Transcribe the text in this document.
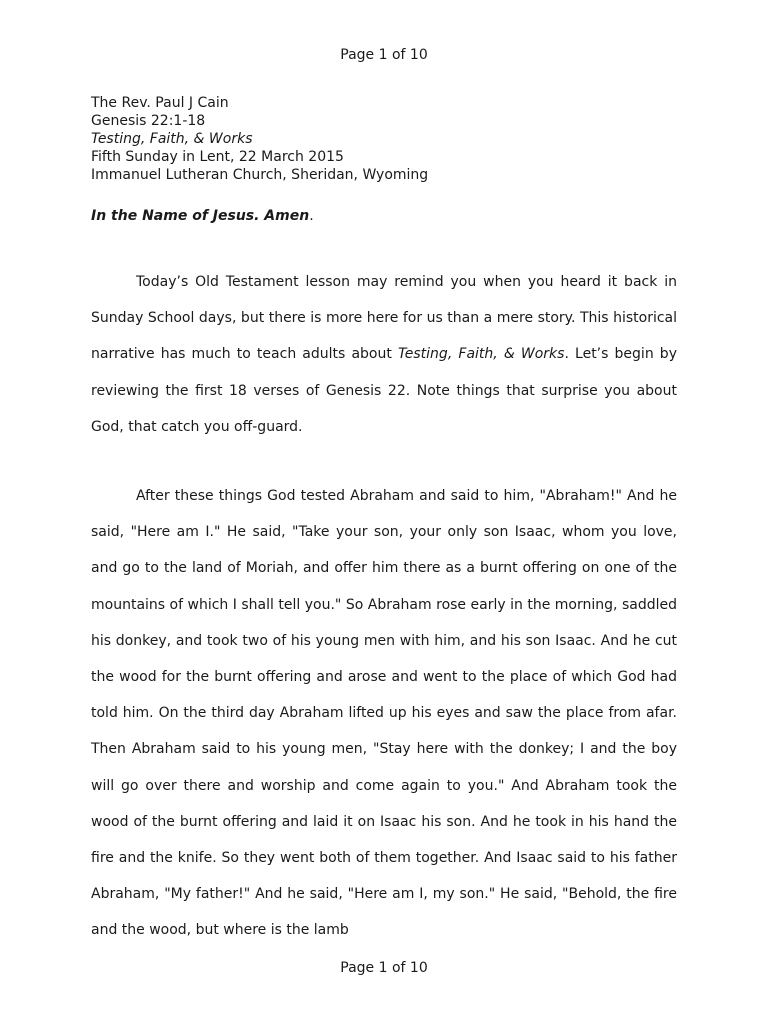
Page 1 of 10
The Rev. Paul J Cain
Genesis 22:1-18
Testing, Faith, & Works
Fifth Sunday in Lent, 22 March 2015
Immanuel Lutheran Church, Sheridan, Wyoming
In the Name of Jesus. Amen.

Today’s Old Testament lesson may remind you when you heard it back in Sunday School days, but there is more here for us than a mere story. This historical narrative has much to teach adults about Testing, Faith, & Works. Let’s begin by reviewing the first 18 verses of Genesis 22. Note things that surprise you about God, that catch you off-guard.

After these things God tested Abraham and said to him, "Abraham!" And he said, "Here am I." He said, "Take your son, your only son Isaac, whom you love, and go to the land of Moriah, and offer him there as a burnt offering on one of the mountains of which I shall tell you." So Abraham rose early in the morning, saddled his donkey, and took two of his young men with him, and his son Isaac. And he cut the wood for the burnt offering and arose and went to the place of which God had told him. On the third day Abraham lifted up his eyes and saw the place from afar. Then Abraham said to his young men, "Stay here with the donkey; I and the boy will go over there and worship and come again to you." And Abraham took the wood of the burnt offering and laid it on Isaac his son. And he took in his hand the fire and the knife. So they went both of them together. And Isaac said to his father Abraham, "My father!" And he said, "Here am I, my son." He said, "Behold, the fire and the wood, but where is the lamb

Page 1 of 10
